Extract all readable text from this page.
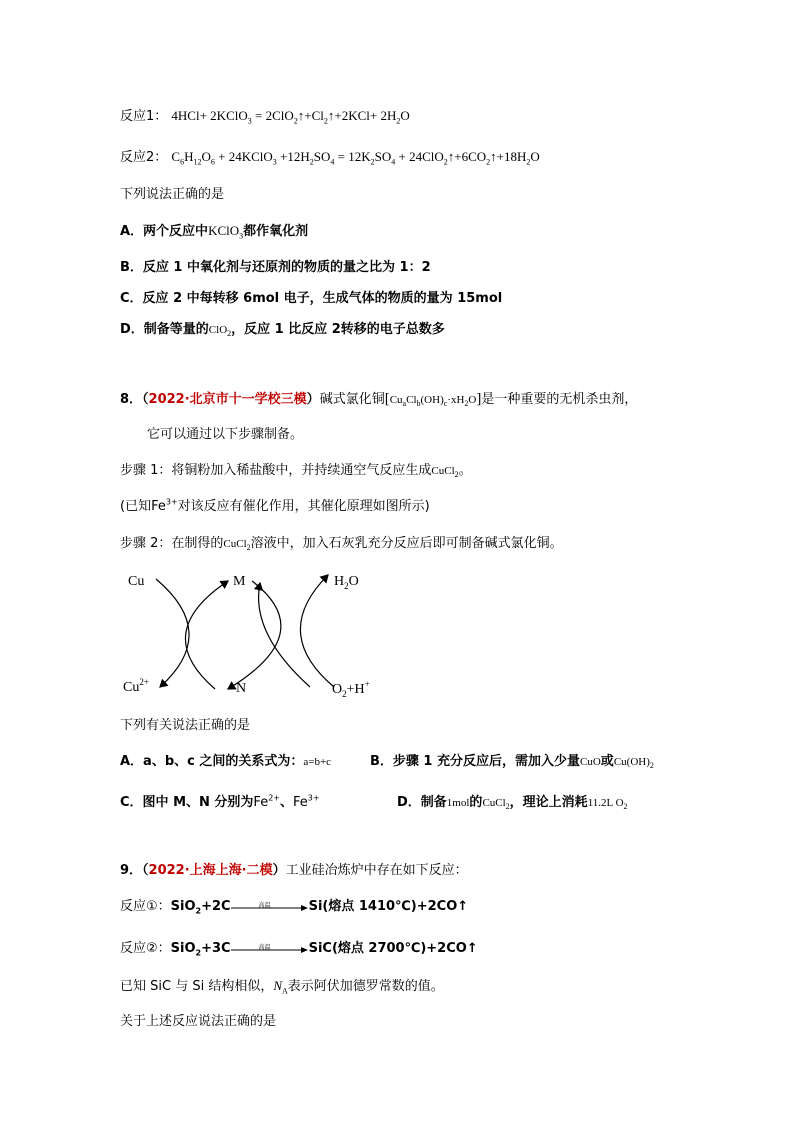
反应1： 4HCl+ 2KClO$_3$ = $2ClO_2↑+Cl_2↑+2KCl+ 2H_2O$
反应2： $C_6H_{12}O_6$ + 24KClO$_3$ $+12H_2SO_4 = 12K_2SO_4$ + $24ClO_2↑+6CO_2↑+18H_2O$
下列说法正确的是
A．两个反应中KClO$_3$都作氧化剂
B．反应 1 中氧化剂与还原剂的物质的量之比为 1：2
C．反应 2 中每转移 6mol 电子，生成气体的物质的量为 15mol
D．制备等量的ClO$_2$，反应 1 比反应 2转移的电子总数多
8．（2022·北京市十一学校三模）碱式氯化铜$[Cu_aCl_b(OH)_c\cdot xH_2O]$是一种重要的无机杀虫剂，
它可以通过以下步骤制备。
步骤 1：将铜粉加入稀盐酸中，并持续通空气反应生成CuCl$_2$。
(已知$Fe^{3+}$对该反应有催化作用，其催化原理如图所示)
步骤 2：在制得的CuCl$_2$溶液中，加入石灰乳充分反应后即可制备碱式氯化铜。
Cu	M
N
H2O
Cu2+	O2+H+
下列有关说法正确的是
A．a、b、c 之间的关系式为：a=b+c	B．步骤 1 充分反应后，需加入少量CuO或$Cu(OH)_2$
C．图中 M、N 分别为$Fe^{2+}$、$Fe^{3+}$	D．制备1mol的CuCl$_2$，理论上消耗11.2L $O_2$
9．（2022·上海上海·二模）工业硅冶炼炉中存在如下反应：
反应①：SiO$_2$+2C	高温	Si(熔点 1410℃)+2CO↑
反应②：SiO$_2$+3C	高温	SiC(熔点 2700℃)+2CO↑
已知 SiC 与 Si 结构相似，$N_A$表示阿伏加德罗常数的值。
关于上述反应说法正确的是
